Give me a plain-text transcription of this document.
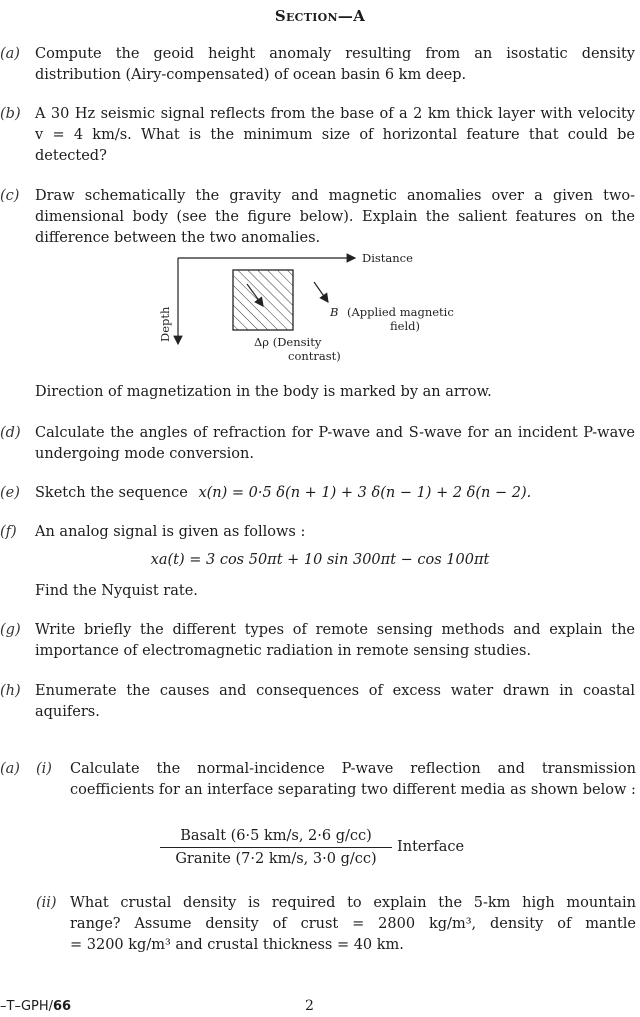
Section—A
(a) Compute the geoid height anomaly resulting from an isostatic density distribution (Airy-compensated) of ocean basin 6 km deep.
(b) A 30 Hz seismic signal reflects from the base of a 2 km thick layer with velocity
v = 4 km/s. What is the minimum size of horizontal feature that could be
detected?
(c) Draw schematically the gravity and magnetic anomalies over a given two-dimensional body (see the figure below). Explain the salient features on the difference between the two anomalies.
Distance
Depth	B (Applied magnetic
field)
Δρ (Density
contrast)
Direction of magnetization in the body is marked by an arrow.
(d) Calculate the angles of refraction for P-wave and S-wave for an incident P-wave undergoing mode conversion.
(e) Sketch the sequence x(n) = 0·5 δ(n + 1) + 3 δ(n − 1) + 2 δ(n − 2).
(f) An analog signal is given as follows :
xa(t) = 3 cos 50πt + 10 sin 300πt − cos 100πt
Find the Nyquist rate.
(g) Write briefly the different types of remote sensing methods and explain the importance of electromagnetic radiation in remote sensing studies.
(h) Enumerate the causes and consequences of excess water drawn in coastal aquifers.
(a) (i) Calculate the normal-incidence P-wave reflection and transmission coefficients for an interface separating two different media as shown below :
Basalt (6·5 km/s, 2·6 g/cc)
Granite (7·2 km/s, 3·0 g/cc)
Interface
(ii) What crustal density is required to explain the 5-km high mountain
range? Assume density of crust = 2800 kg/m³, density of mantle
= 3200 kg/m³ and crustal thickness = 40 km.
–T–GPH/66	2
